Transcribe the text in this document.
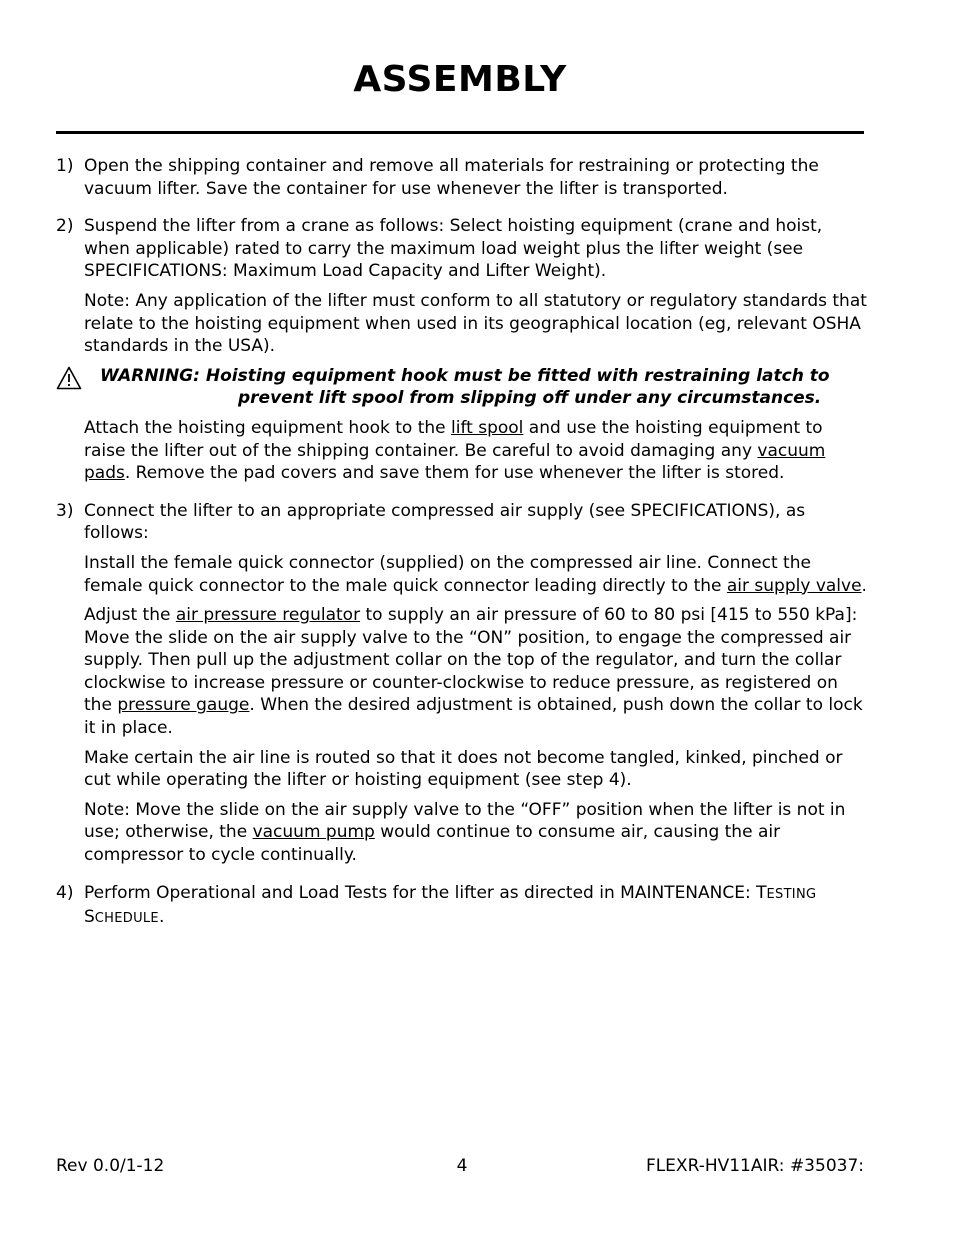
ASSEMBLY
1) Open the shipping container and remove all materials for restraining or protecting the vacuum lifter. Save the container for use whenever the lifter is transported.

2) Suspend the lifter from a crane as follows: Select hoisting equipment (crane and hoist, when applicable) rated to carry the maximum load weight plus the lifter weight (see SPECIFICATIONS: Maximum Load Capacity and Lifter Weight).

Note: Any application of the lifter must conform to all statutory or regulatory standards that relate to the hoisting equipment when used in its geographical location (eg, relevant OSHA standards in the USA).

WARNING: Hoisting equipment hook must be fitted with restraining latch to
prevent lift spool from slipping off under any circumstances.

Attach the hoisting equipment hook to the lift spool and use the hoisting equipment to raise the lifter out of the shipping container. Be careful to avoid damaging any vacuum pads. Remove the pad covers and save them for use whenever the lifter is stored.

3) Connect the lifter to an appropriate compressed air supply (see SPECIFICATIONS), as follows:

Install the female quick connector (supplied) on the compressed air line. Connect the female quick connector to the male quick connector leading directly to the air supply valve.

Adjust the air pressure regulator to supply an air pressure of 60 to 80 psi [415 to 550 kPa]: Move the slide on the air supply valve to the “ON” position, to engage the compressed air supply. Then pull up the adjustment collar on the top of the regulator, and turn the collar clockwise to increase pressure or counter-clockwise to reduce pressure, as registered on the pressure gauge. When the desired adjustment is obtained, push down the collar to lock it in place.

Make certain the air line is routed so that it does not become tangled, kinked, pinched or cut while operating the lifter or hoisting equipment (see step 4).

Note: Move the slide on the air supply valve to the “OFF” position when the lifter is not in use; otherwise, the vacuum pump would continue to consume air, causing the air compressor to cycle continually.

4) Perform Operational and Load Tests for the lifter as directed in MAINTENANCE: TESTING SCHEDULE.

Rev 0.0/1-12	4	FLEXR-HV11AIR: #35037:
